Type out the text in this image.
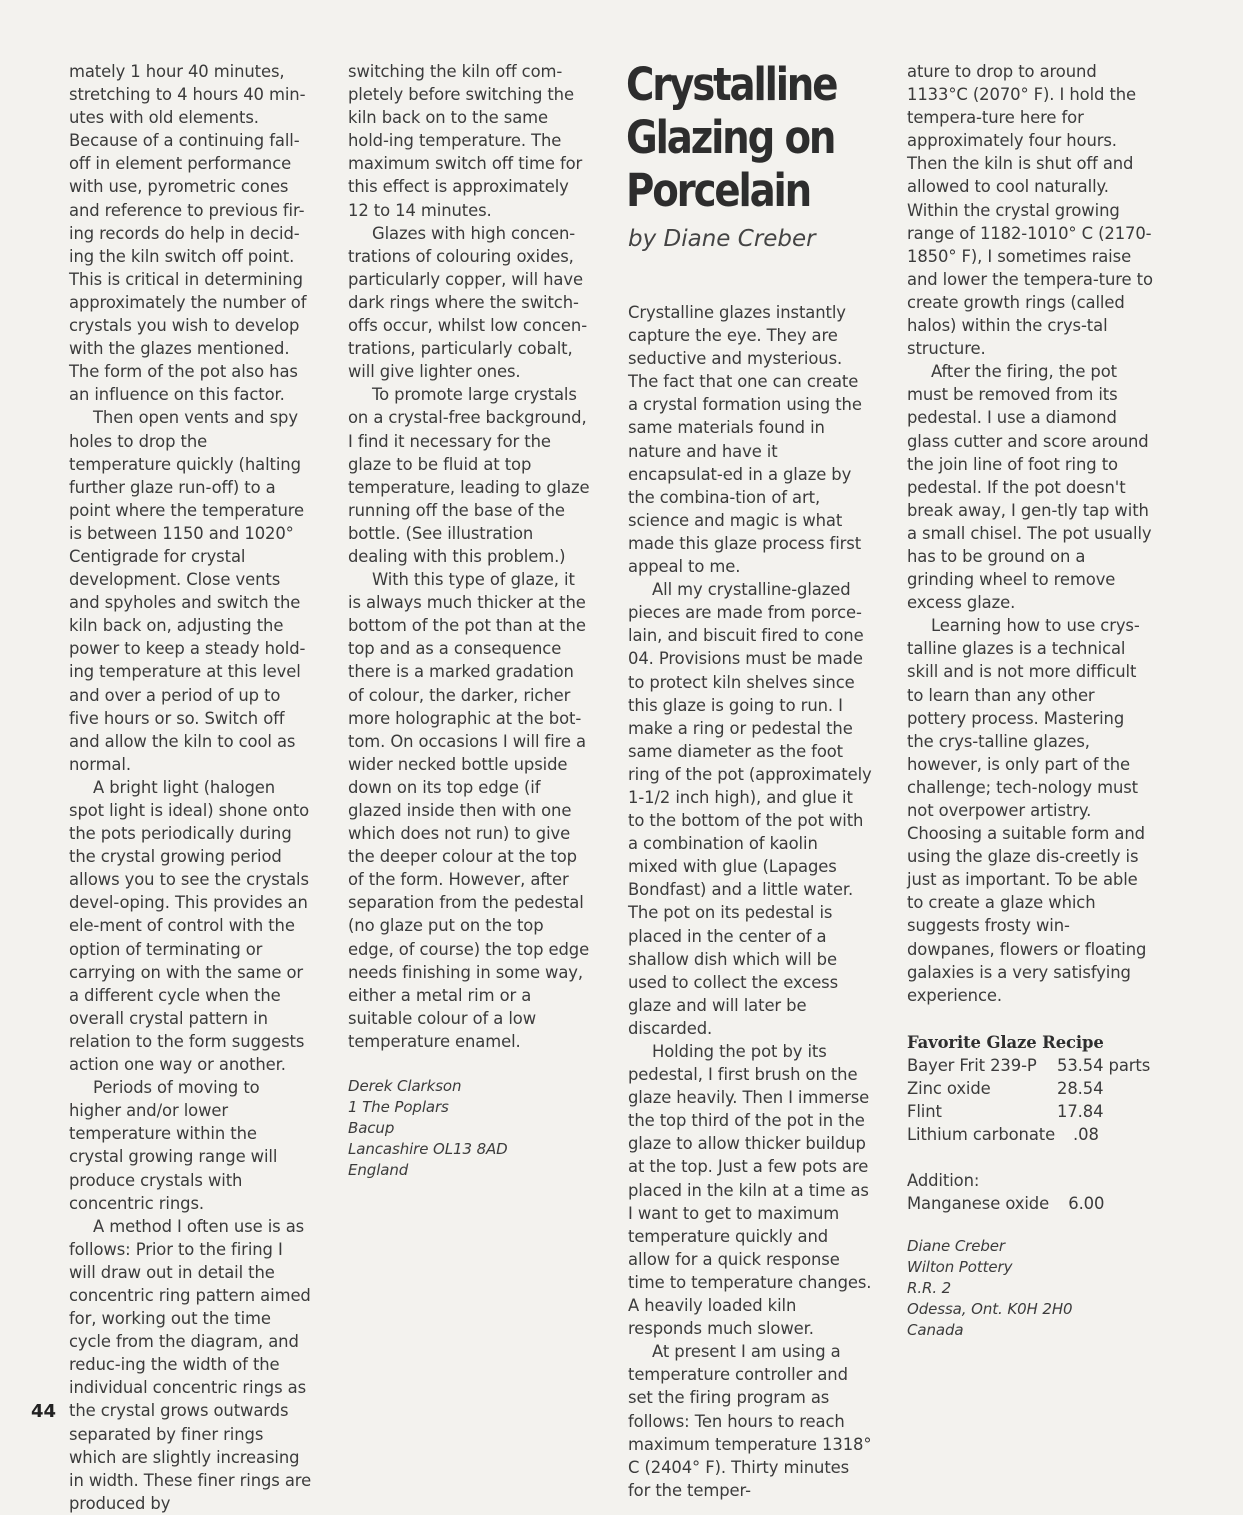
mately 1 hour 40 minutes, stretching to 4 hours 40 min-utes with old elements. Because of a continuing fall-off in element performance with use, pyrometric cones and reference to previous fir-ing records do help in decid-ing the kiln switch off point. This is critical in determining approximately the number of crystals you wish to develop with the glazes mentioned. The form of the pot also has an influence on this factor.

Then open vents and spy holes to drop the temperature quickly (halting further glaze run-off) to a point where the temperature is between 1150 and 1020° Centigrade for crystal development. Close vents and spyholes and switch the kiln back on, adjusting the power to keep a steady hold-ing temperature at this level and over a period of up to five hours or so. Switch off and allow the kiln to cool as normal.

A bright light (halogen spot light is ideal) shone onto the pots periodically during the crystal growing period allows you to see the crystals devel-oping. This provides an ele-ment of control with the option of terminating or carrying on with the same or a different cycle when the overall crystal pattern in relation to the form suggests action one way or another.

Periods of moving to higher and/or lower temperature within the crystal growing range will produce crystals with concentric rings.

A method I often use is as follows: Prior to the firing I will draw out in detail the concentric ring pattern aimed for, working out the time cycle from the diagram, and reduc-ing the width of the individual concentric rings as the crystal grows outwards separated by finer rings which are slightly increasing in width. These finer rings are produced by

switching the kiln off com-pletely before switching the kiln back on to the same hold-ing temperature. The maximum switch off time for this effect is approximately 12 to 14 minutes.

Glazes with high concen-trations of colouring oxides, particularly copper, will have dark rings where the switch-offs occur, whilst low concen-trations, particularly cobalt, will give lighter ones.

To promote large crystals on a crystal-free background, I find it necessary for the glaze to be fluid at top temperature, leading to glaze running off the base of the bottle. (See illustration dealing with this problem.)

With this type of glaze, it is always much thicker at the bottom of the pot than at the top and as a consequence there is a marked gradation of colour, the darker, richer more holographic at the bot-tom. On occasions I will fire a wider necked bottle upside down on its top edge (if glazed inside then with one which does not run) to give the deeper colour at the top of the form. However, after separation from the pedestal (no glaze put on the top edge, of course) the top edge needs finishing in some way, either a metal rim or a suitable colour of a low temperature enamel.

Derek Clarkson
1 The Poplars
Bacup
Lancashire OL13 8AD
England
Crystalline Glazing on Porcelain
by Diane Creber

Crystalline glazes instantly capture the eye. They are seductive and mysterious. The fact that one can create a crystal formation using the same materials found in nature and have it encapsulat-ed in a glaze by the combina-tion of art, science and magic is what made this glaze process first appeal to me.

All my crystalline-glazed pieces are made from porce-lain, and biscuit fired to cone 04. Provisions must be made to protect kiln shelves since this glaze is going to run. I make a ring or pedestal the same diameter as the foot ring of the pot (approximately 1-1/2 inch high), and glue it to the bottom of the pot with a combination of kaolin mixed with glue (Lapages Bondfast) and a little water. The pot on its pedestal is placed in the center of a shallow dish which will be used to collect the excess glaze and will later be discarded.

Holding the pot by its pedestal, I first brush on the glaze heavily. Then I immerse the top third of the pot in the glaze to allow thicker buildup at the top. Just a few pots are placed in the kiln at a time as I want to get to maximum temperature quickly and allow for a quick response time to temperature changes. A heavily loaded kiln responds much slower.

At present I am using a temperature controller and set the firing program as follows: Ten hours to reach maximum temperature 1318° C (2404° F). Thirty minutes for the temper-

ature to drop to around 1133°C (2070° F). I hold the tempera-ture here for approximately four hours. Then the kiln is shut off and allowed to cool naturally. Within the crystal growing range of 1182-1010° C (2170-1850° F), I sometimes raise and lower the tempera-ture to create growth rings (called halos) within the crys-tal structure.

After the firing, the pot must be removed from its pedestal. I use a diamond glass cutter and score around the join line of foot ring to pedestal. If the pot doesn't break away, I gen-tly tap with a small chisel. The pot usually has to be ground on a grinding wheel to remove excess glaze.

Learning how to use crys-talline glazes is a technical skill and is not more difficult to learn than any other pottery process. Mastering the crys-talline glazes, however, is only part of the challenge; tech-nology must not overpower artistry. Choosing a suitable form and using the glaze dis-creetly is just as important. To be able to create a glaze which suggests frosty win-dowpanes, flowers or floating galaxies is a very satisfying experience.

Favorite Glaze Recipe

Bayer Frit 239-P	53.54 parts
Zinc oxide	28.54
Flint	17.84
Lithium carbonate	.08

Addition:

Manganese oxide 6.00

Diane Creber
Wilton Pottery
R.R. 2
Odessa, Ont. K0H 2H0
Canada
44
